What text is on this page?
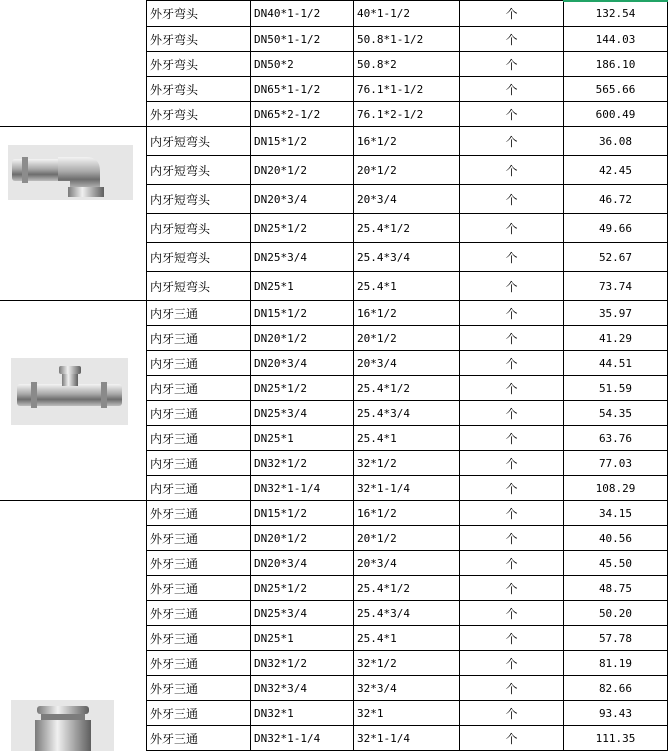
外牙弯头	DN40*1-1/2	40*1-1/2	个	132.54
外牙弯头	DN50*1-1/2	50.8*1-1/2	个	144.03
外牙弯头	DN50*2	50.8*2	个	186.10
外牙弯头	DN65*1-1/2	76.1*1-1/2	个	565.66
外牙弯头	DN65*2-1/2	76.1*2-1/2	个	600.49
内牙短弯头	DN15*1/2	16*1/2	个	36.08
内牙短弯头	DN20*1/2	20*1/2	个	42.45
内牙短弯头	DN20*3/4	20*3/4	个	46.72
内牙短弯头	DN25*1/2	25.4*1/2	个	49.66
内牙短弯头	DN25*3/4	25.4*3/4	个	52.67
内牙短弯头	DN25*1	25.4*1	个	73.74
内牙三通	DN15*1/2	16*1/2	个	35.97
内牙三通	DN20*1/2	20*1/2	个	41.29
内牙三通	DN20*3/4	20*3/4	个	44.51
内牙三通	DN25*1/2	25.4*1/2	个	51.59
内牙三通	DN25*3/4	25.4*3/4	个	54.35
内牙三通	DN25*1	25.4*1	个	63.76
内牙三通	DN32*1/2	32*1/2	个	77.03
内牙三通	DN32*1-1/4	32*1-1/4	个	108.29
外牙三通	DN15*1/2	16*1/2	个	34.15
外牙三通	DN20*1/2	20*1/2	个	40.56
外牙三通	DN20*3/4	20*3/4	个	45.50
外牙三通	DN25*1/2	25.4*1/2	个	48.75
外牙三通	DN25*3/4	25.4*3/4	个	50.20
外牙三通	DN25*1	25.4*1	个	57.78
外牙三通	DN32*1/2	32*1/2	个	81.19
外牙三通	DN32*3/4	32*3/4	个	82.66
外牙三通	DN32*1	32*1	个	93.43
外牙三通	DN32*1-1/4	32*1-1/4	个	111.35
